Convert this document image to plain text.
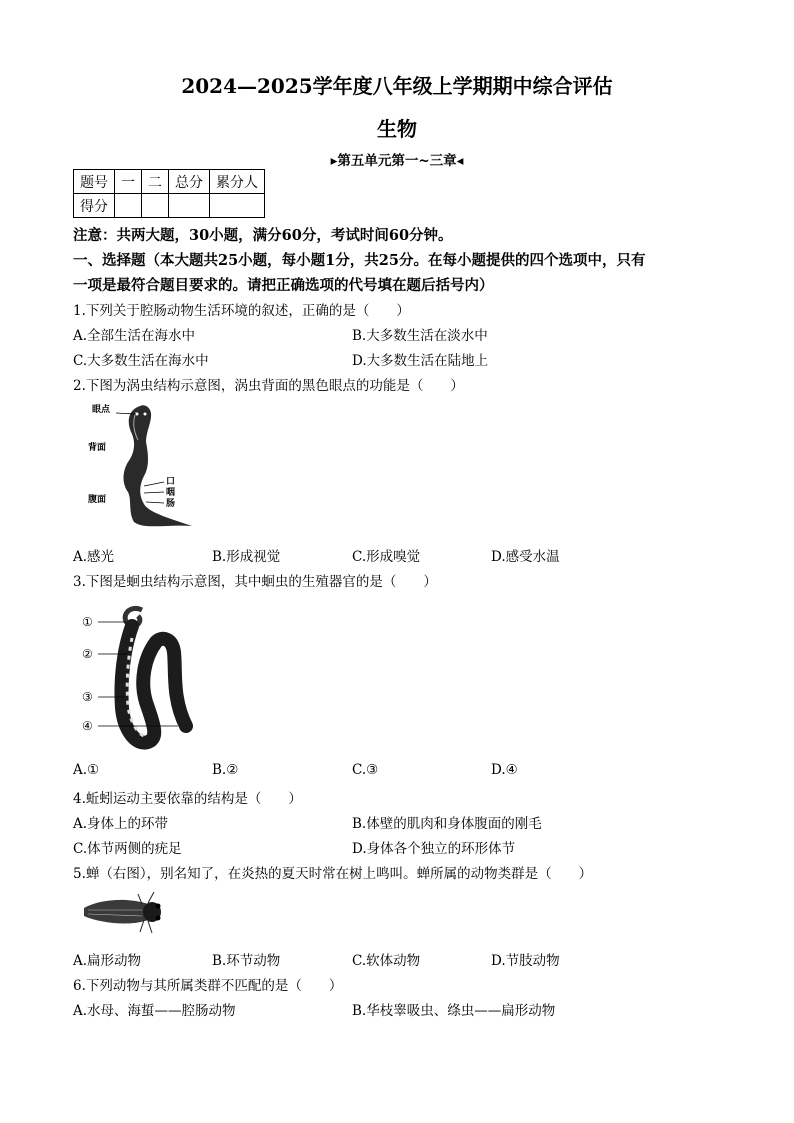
2024—2025学年度八年级上学期期中综合评估
生物
▸第五单元第一~三章◂
题号	一	二	总分	累分人
得分				
注意：共两大题，30小题，满分60分，考试时间60分钟。
一、选择题（本大题共25小题，每小题1分，共25分。在每小题提供的四个选项中，只有
一项是最符合题目要求的。请把正确选项的代号填在题后括号内）
1.下列关于腔肠动物生活环境的叙述，正确的是（　　）
A.全部生活在海水中	B.大多数生活在淡水中
C.大多数生活在海水中	D.大多数生活在陆地上
2.下图为涡虫结构示意图，涡虫背面的黑色眼点的功能是（　　）
眼点
背面
腹面
口
咽
肠
A.感光	B.形成视觉	C.形成嗅觉	D.感受水温
3.下图是蛔虫结构示意图，其中蛔虫的生殖器官的是（　　）
①
②
③
④
A.①	B.②	C.③	D.④
4.蚯蚓运动主要依靠的结构是（　　）
A.身体上的环带	B.体壁的肌肉和身体腹面的刚毛
C.体节两侧的疣足	D.身体各个独立的环形体节
5.蝉（右图），别名知了，在炎热的夏天时常在树上鸣叫。蝉所属的动物类群是（　　）
A.扁形动物	B.环节动物	C.软体动物	D.节肢动物
6.下列动物与其所属类群不匹配的是（　　）
A.水母、海蜇——腔肠动物	B.华枝睾吸虫、绦虫——扁形动物
